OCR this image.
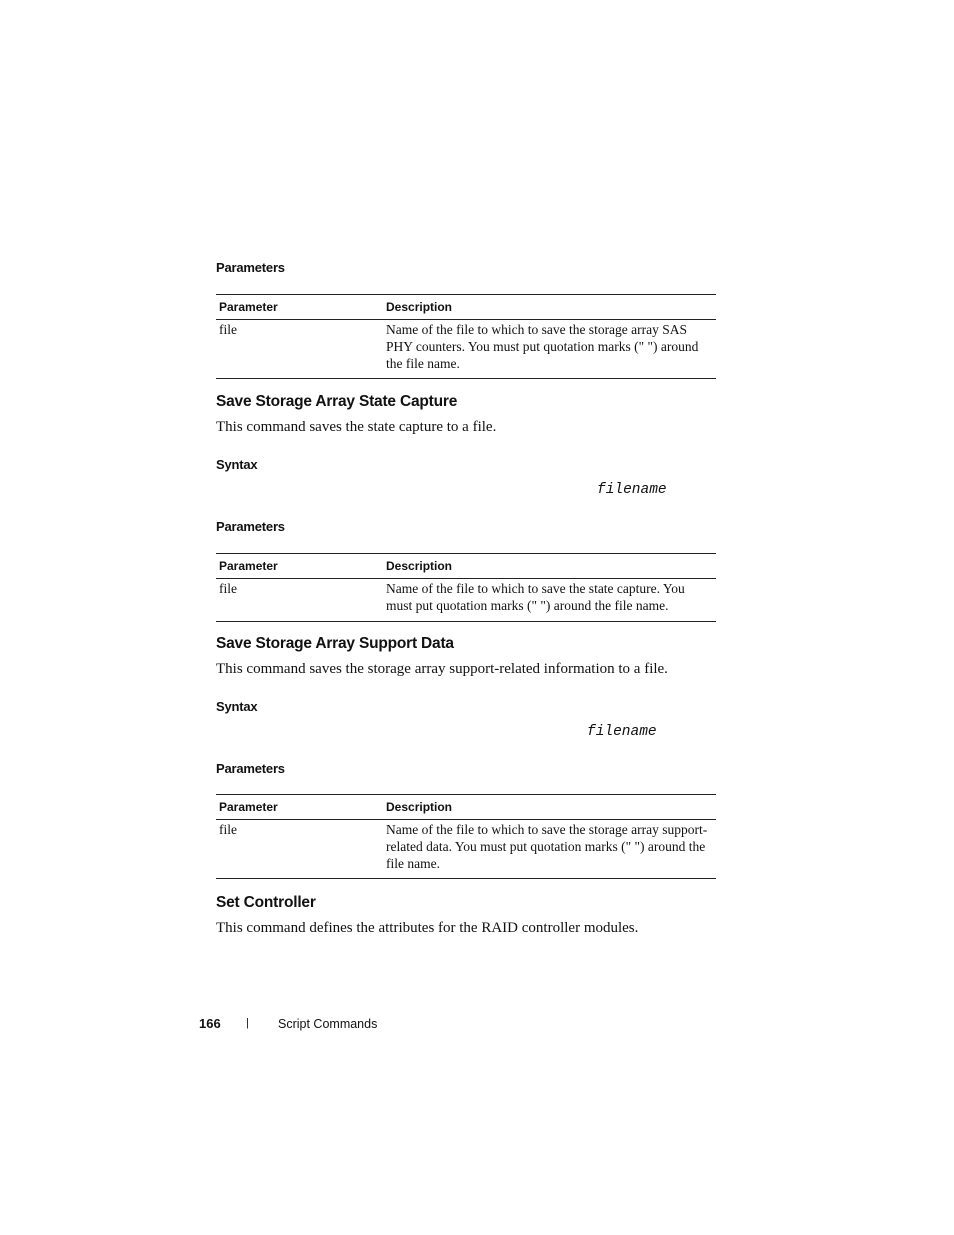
Parameters
Parameter	Description
file	Name of the file to which to save the storage array SAS PHY counters. You must put quotation marks (" ") around the file name.
Save Storage Array State Capture
This command saves the state capture to a file.
Syntax
filename
Parameters
Parameter	Description
file	Name of the file to which to save the state capture. You must put quotation marks (" ") around the file name.
Save Storage Array Support Data
This command saves the storage array support-related information to a file.
Syntax
filename
Parameters
Parameter	Description
file	Name of the file to which to save the storage array support-related data. You must put quotation marks (" ") around the file name.
Set Controller
This command defines the attributes for the RAID controller modules.
166 | Script Commands
